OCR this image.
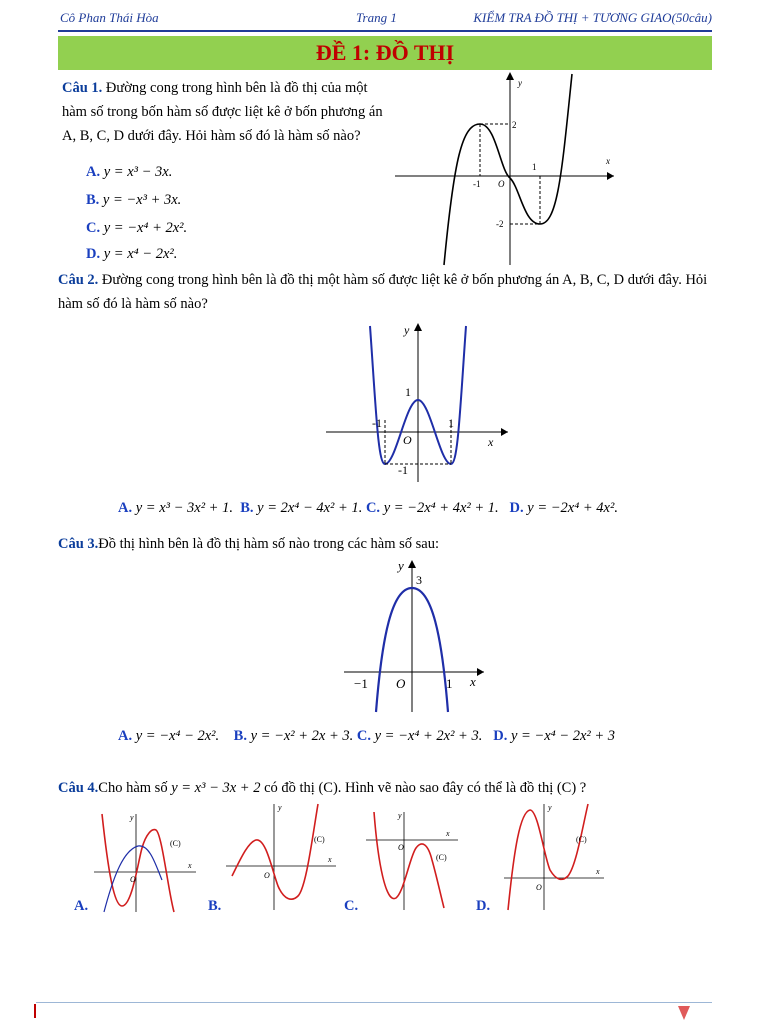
Cô Phan Thái Hòa	Trang 1	KIỂM TRA ĐỒ THỊ + TƯƠNG GIAO(50câu)
ĐỀ 1: ĐỒ THỊ
Câu 1. Đường cong trong hình bên là đồ thị của một hàm số trong bốn hàm số được liệt kê ở bốn phương án A, B, C, D dưới đây. Hỏi hàm số đó là hàm số nào?
A. y = x³ − 3x.
B. y = −x³ + 3x.
C. y = −x⁴ + 2x².
D. y = x⁴ − 2x².
y
x
2
-1 O
1
-2
Câu 2. Đường cong trong hình bên là đồ thị một hàm số được liệt kê ở bốn phương án A, B, C, D dưới đây. Hỏi hàm số đó là hàm số nào?
y
x
1
-1
O
1
-1
A. y = x³ − 3x² + 1. B. y = 2x⁴ − 4x² + 1. C. y = −2x⁴ + 4x² + 1. D. y = −2x⁴ + 4x².
Câu 3.Đồ thị hình bên là đồ thị hàm số nào trong các hàm số sau:
y
x
3
−1 O	1
A. y = −x⁴ − 2x². B. y = −x² + 2x + 3. C. y = −x⁴ + 2x² + 3. D. y = −x⁴ − 2x² + 3
Câu 4.Cho hàm số y = x³ − 3x + 2 có đồ thị (C). Hình vẽ nào sao đây có thể là đồ thị (C) ?
(C)
y
x
O
A.
(C)
y
x
O
B.
(C)
y
x
O
C.
(C)
y
x
O
D.
